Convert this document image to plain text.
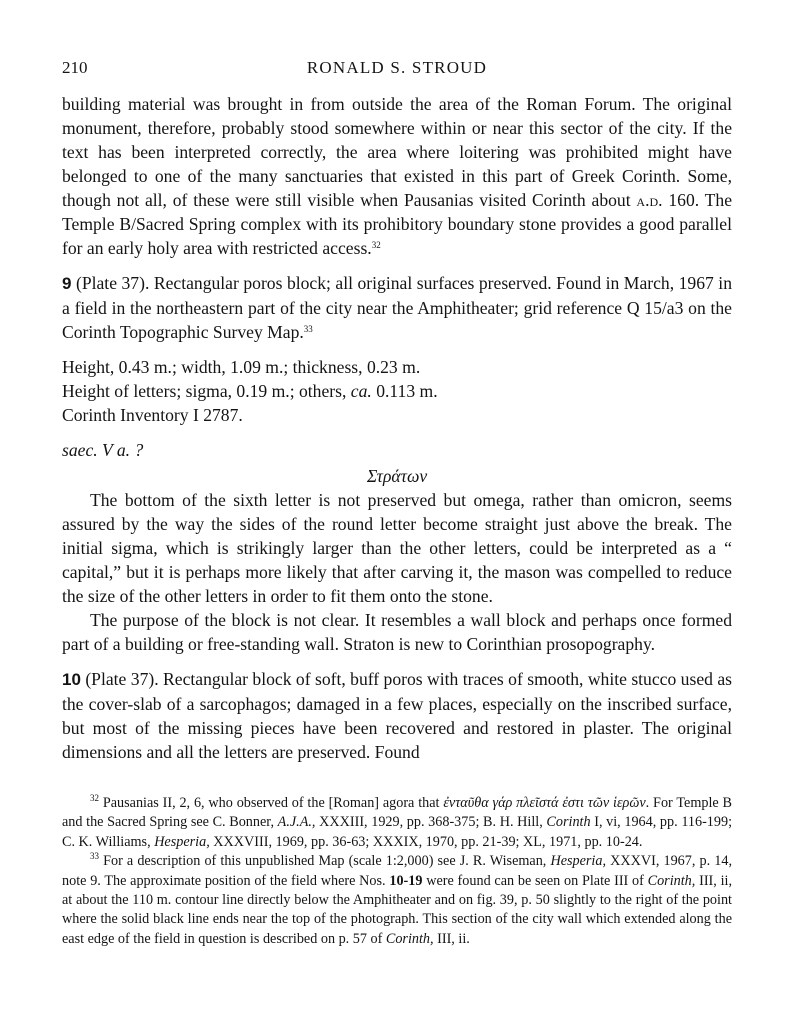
210	RONALD S. STROUD

building material was brought in from outside the area of the Roman Forum. The original monument, therefore, probably stood somewhere within or near this sector of the city. If the text has been interpreted correctly, the area where loitering was prohibited might have belonged to one of the many sanctuaries that existed in this part of Greek Corinth. Some, though not all, of these were still visible when Pausanias visited Corinth about a.d. 160. The Temple B/Sacred Spring complex with its prohibitory boundary stone provides a good parallel for an early holy area with restricted access.$^{32}$

9 (Plate 37). Rectangular poros block; all original surfaces preserved. Found in March, 1967 in a field in the northeastern part of the city near the Amphitheater; grid reference Q 15/a3 on the Corinth Topographic Survey Map.$^{33}$

Height, 0.43 m.; width, 1.09 m.; thickness, 0.23 m.

Height of letters; sigma, 0.19 m.; others, ca. 0.113 m.

Corinth Inventory I 2787.

saec. V a. ?

Στράτων

The bottom of the sixth letter is not preserved but omega, rather than omicron, seems assured by the way the sides of the round letter become straight just above the break. The initial sigma, which is strikingly larger than the other letters, could be interpreted as a “ capital,” but it is perhaps more likely that after carving it, the mason was compelled to reduce the size of the other letters in order to fit them onto the stone.

The purpose of the block is not clear. It resembles a wall block and perhaps once formed part of a building or free-standing wall. Straton is new to Corinthian prosopography.

10 (Plate 37). Rectangular block of soft, buff poros with traces of smooth, white stucco used as the cover-slab of a sarcophagos; damaged in a few places, especially on the inscribed surface, but most of the missing pieces have been recovered and restored in plaster. The original dimensions and all the letters are preserved. Found

$^{32}$ Pausanias II, 2, 6, who observed of the [Roman] agora that ἐνταῦθα γάρ πλεῖστά ἐστι τῶν ἱερῶν. For Temple B and the Sacred Spring see C. Bonner, A.J.A., XXXIII, 1929, pp. 368-375; B. H. Hill, Corinth I, vi, 1964, pp. 116-199; C. K. Williams, Hesperia, XXXVIII, 1969, pp. 36-63; XXXIX, 1970, pp. 21-39; XL, 1971, pp. 10-24.

$^{33}$ For a description of this unpublished Map (scale 1:2,000) see J. R. Wiseman, Hesperia, XXXVI, 1967, p. 14, note 9. The approximate position of the field where Nos. 10-19 were found can be seen on Plate III of Corinth, III, ii, at about the 110 m. contour line directly below the Amphitheater and on fig. 39, p. 50 slightly to the right of the point where the solid black line ends near the top of the photograph. This section of the city wall which extended along the east edge of the field in question is described on p. 57 of Corinth, III, ii.
